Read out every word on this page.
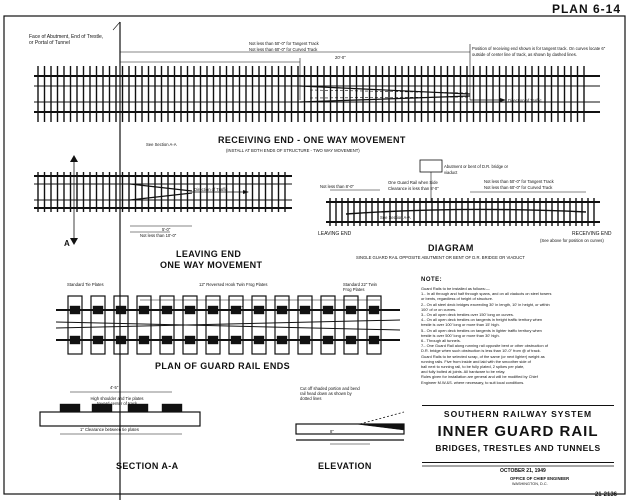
PLAN 6-14
Face of Abutment, End of Trestle, or Portal of Tunnel	Not less than 50'-0" for Tangent Track
Not less than 60'-0" for Curved Track
20'-0"
Position of receiving end shown is for tangent track. On curves locate 6" outside of center line of track, as shown by dashed lines.
Direction of Traffic
See Section A-A	RECEIVING END - ONE WAY MOVEMENT
(INSTALL AT BOTH ENDS OF STRUCTURE - TWO WAY MOVEMENT)
Direction of Traffic
5'-0"
Not less than 10'-0"
A
LEAVING END
ONE WAY MOVEMENT
Abutment or bent of D.R. bridge or viaduct
One Guard Rail when Side Clearance is less than 8'-0"
Not less than 50'-0" for Tangent Track
Not less than 60'-0" for Curved Track
Not less than 8'-0"
See Section A-A
LEAVING END	RECEIVING END
(See above for position on curves)
DIAGRAM
SINGLE GUARD RAIL OPPOSITE ABUTMENT OR BENT OF D.R. BRIDGE OR VIADUCT
Standard Tie Plates	12" Reversed Hook Twin Frog Plates	Standard 22" Twin Frog Plates
13'-0"
PLAN OF GUARD RAIL ENDS
4'-5"
High shoulder and Tie plates toward center of track
1" Clearance between tie plates
SECTION A-A
Cut off shaded portion and bend rail head down as shown by dotted lines
8"
ELEVATION
NOTE:
Guard Rails to be installed as follows:—
1.- In all through and half through spans, and on all viaducts on steel towers
or bents, regardless of height of structure.
2.- On all steel deck bridges exceeding 30' in length, 10' in height, or within
100' of or on curves.
3.- On all open deck trestles over 150' long on curves.
4.- On all open deck trestles on tangents in freight traffic territory when
trestle is over 100' long or more than 15' high.
5.- On all open deck trestles on tangents in lighter traffic territory when
trestle is over 500' long or more than 30' high.
6.- Through all tunnels.
7.- One Guard Rail along running rail opposite bent or other obstruction of
D.R. bridge when such obstruction is less than 10'-0" from @ of track.
Guard Rails to be selected scrap, of the same (or next lighter) weight as
running rails. Five from inside and laid with the smoother side of
ball next to running rail, to be fully plated, 2 spikes per plate,
and fully bolted at joints. All hardware to be relay.
Rules given for installation are general and will be modified by Chief
Engineer M.W.&S. where necessary, to suit local conditions.
SOUTHERN RAILWAY SYSTEM
INNER GUARD RAIL
BRIDGES, TRESTLES AND TUNNELS
OCTOBER 21, 1949
OFFICE OF CHIEF ENGINEER
WASHINGTON, D.C.
21-2136
